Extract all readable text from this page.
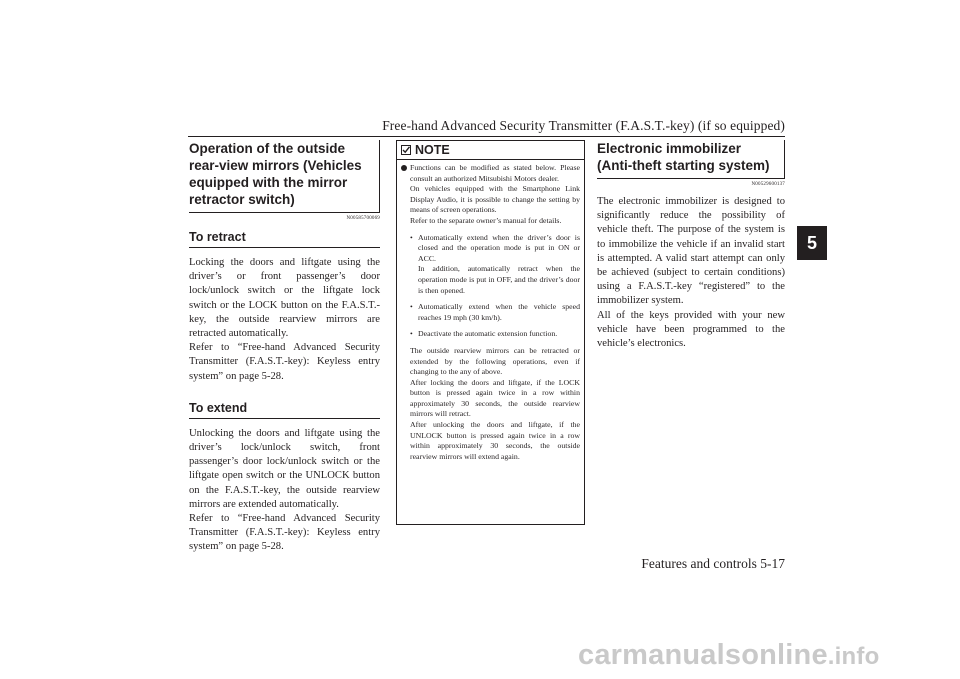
Free-hand Advanced Security Transmitter (F.A.S.T.-key) (if so equipped)
5
Operation of the outside rear-view mirrors (Vehicles equipped with the mirror retractor switch)
N00585700069
To retract

Locking the doors and liftgate using the driver’s or front passenger’s door lock/unlock switch or the liftgate lock switch or the LOCK button on the F.A.S.T.-key, the outside rearview mirrors are retracted automatically.

Refer to “Free-hand Advanced Security Transmitter (F.A.S.T.-key): Keyless entry system” on page 5-28.

To extend

Unlocking the doors and liftgate using the driver’s lock/unlock switch, front passenger’s door lock/unlock switch or the liftgate open switch or the UNLOCK button on the F.A.S.T.-key, the outside rearview mirrors are extended automatically.

Refer to “Free-hand Advanced Security Transmitter (F.A.S.T.-key): Keyless entry system” on page 5-28.

NOTE

Functions can be modified as stated below. Please consult an authorized Mitsubishi Motors dealer.

On vehicles equipped with the Smartphone Link Display Audio, it is possible to change the setting by means of screen operations.

Refer to the separate owner’s manual for details.

• Automatically extend when the driver’s door is closed and the operation mode is put in ON or ACC.

In addition, automatically retract when the operation mode is put in OFF, and the driver’s door is then opened.

• Automatically extend when the vehicle speed reaches 19 mph (30 km/h).

• Deactivate the automatic extension function.

The outside rearview mirrors can be retracted or extended by the following operations, even if changing to the any of above.

After locking the doors and liftgate, if the LOCK button is pressed again twice in a row within approximately 30 seconds, the outside rearview mirrors will retract.

After unlocking the doors and liftgate, if the UNLOCK button is pressed again twice in a row within approximately 30 seconds, the outside rearview mirrors will extend again.

Electronic immobilizer (Anti-theft starting system)
N00529600137

The electronic immobilizer is designed to significantly reduce the possibility of vehicle theft. The purpose of the system is to immobilize the vehicle if an invalid start is attempted. A valid start attempt can only be achieved (subject to certain conditions) using a F.A.S.T.-key “registered” to the immobilizer system.

All of the keys provided with your new vehicle have been programmed to the vehicle’s electronics.

Features and controls 5-17
carmanualsonline.info
